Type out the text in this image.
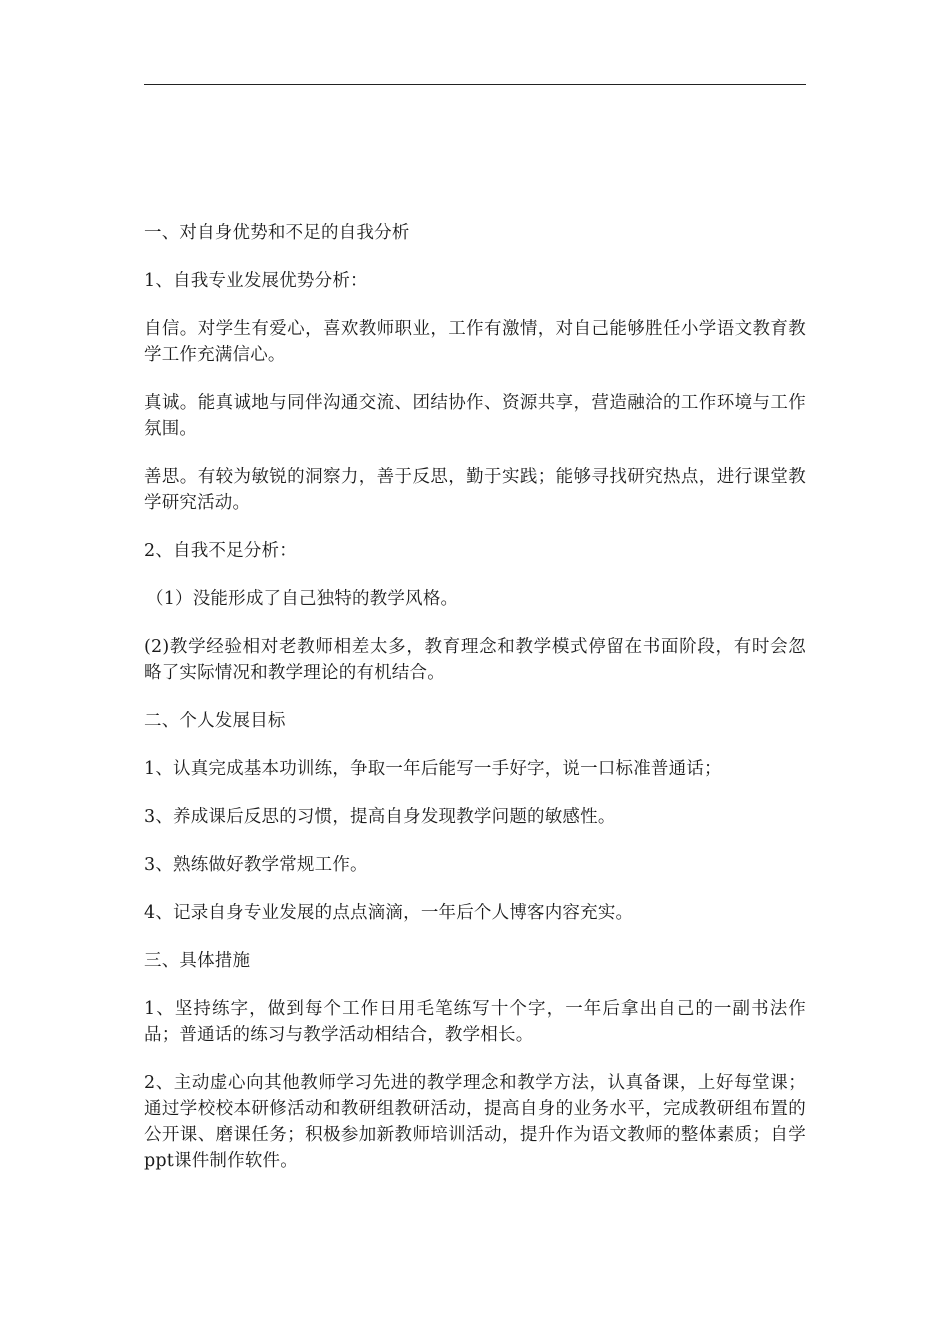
一、对自身优势和不足的自我分析

1、自我专业发展优势分析：

自信。对学生有爱心，喜欢教师职业，工作有激情，对自己能够胜任小学语文教育教学工作充满信心。

真诚。能真诚地与同伴沟通交流、团结协作、资源共享，营造融洽的工作环境与工作氛围。

善思。有较为敏锐的洞察力，善于反思，勤于实践；能够寻找研究热点，进行课堂教学研究活动。

2、自我不足分析：

（1）没能形成了自己独特的教学风格。

(2)教学经验相对老教师相差太多，教育理念和教学模式停留在书面阶段，有时会忽略了实际情况和教学理论的有机结合。

二、个人发展目标

1、认真完成基本功训练，争取一年后能写一手好字，说一口标准普通话；

3、养成课后反思的习惯，提高自身发现教学问题的敏感性。

3、熟练做好教学常规工作。

4、记录自身专业发展的点点滴滴，一年后个人博客内容充实。

三、具体措施

1、坚持练字，做到每个工作日用毛笔练写十个字，一年后拿出自己的一副书法作品；普通话的练习与教学活动相结合，教学相长。

2、主动虚心向其他教师学习先进的教学理念和教学方法，认真备课，上好每堂课；通过学校校本研修活动和教研组教研活动，提高自身的业务水平，完成教研组布置的公开课、磨课任务；积极参加新教师培训活动，提升作为语文教师的整体素质；自学ppt课件制作软件。
